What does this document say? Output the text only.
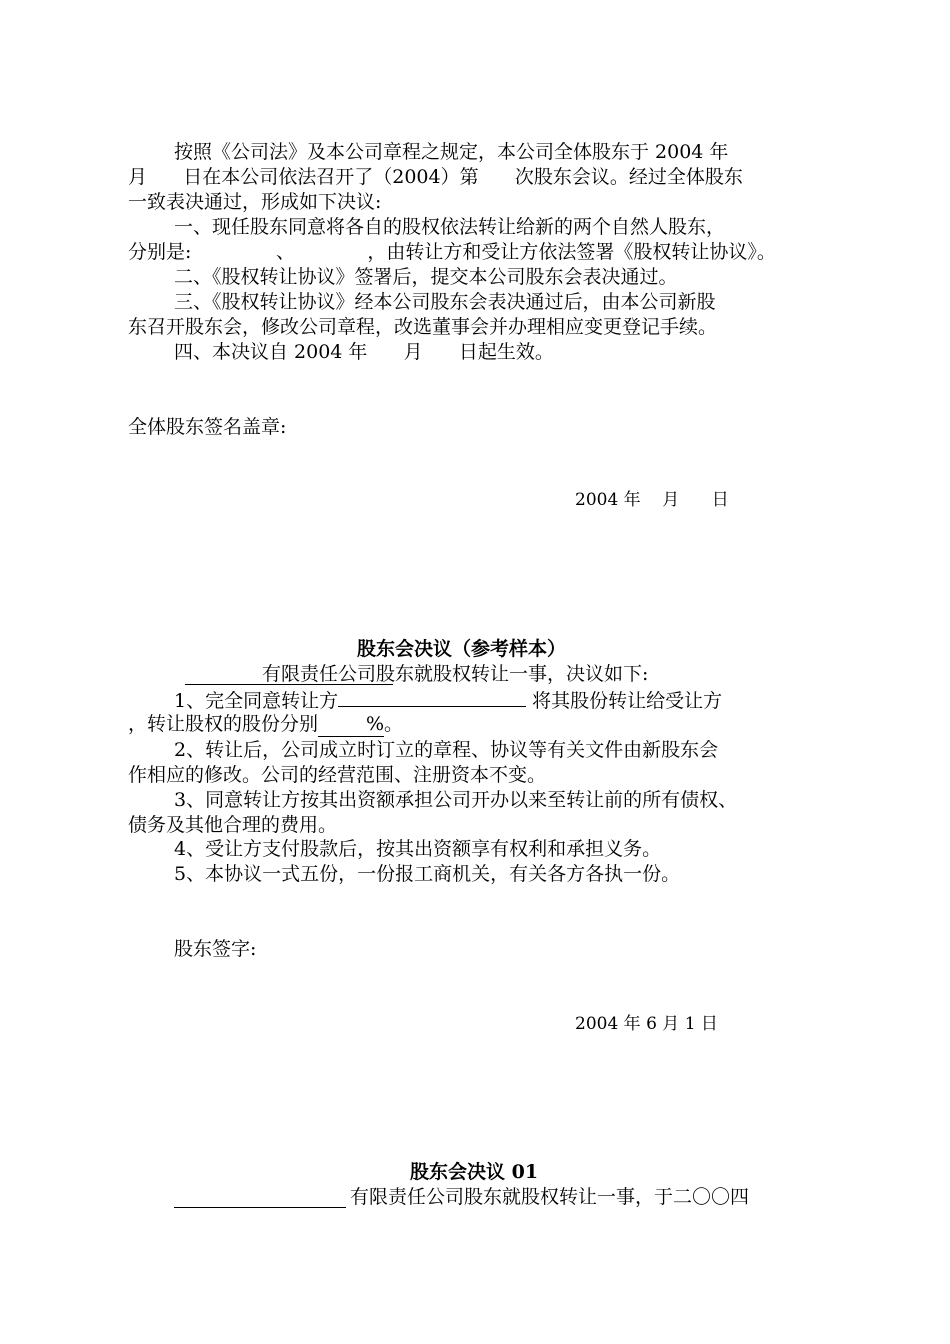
按照《公司法》及本公司章程之规定，本公司全体股东于 2004 年
月      日在本公司依法召开了（2004）第      次股东会议。经过全体股东
一致表决通过，形成如下决议:
一、现任股东同意将各自的股权依法转让给新的两个自然人股东，
分别是:              、            ，由转让方和受让方依法签署《股权转让协议》。
二、《股权转让协议》签署后，提交本公司股东会表决通过。
三、《股权转让协议》经本公司股东会表决通过后，由本公司新股
东召开股东会，修改公司章程，改选董事会并办理相应变更登记手续。
四、本决议自 2004 年      月      日起生效。
全体股东签名盖章:
2004 年    月      日
股东会决议（参考样本）
有限责任公司股东就股权转让一事，决议如下:
1、完全同意转让方	将其股份转让给受让方
，转让股权的股份分别	%。
2、转让后，公司成立时订立的章程、协议等有关文件由新股东会
作相应的修改。公司的经营范围、注册资本不变。
3、同意转让方按其出资额承担公司开办以来至转让前的所有债权、
债务及其他合理的费用。
4、受让方支付股款后，按其出资额享有权利和承担义务。
5、本协议一式五份，一份报工商机关，有关各方各执一份。
股东签字:
2004 年 6 月 1 日
股东会决议 01
有限责任公司股东就股权转让一事，于二〇〇四
